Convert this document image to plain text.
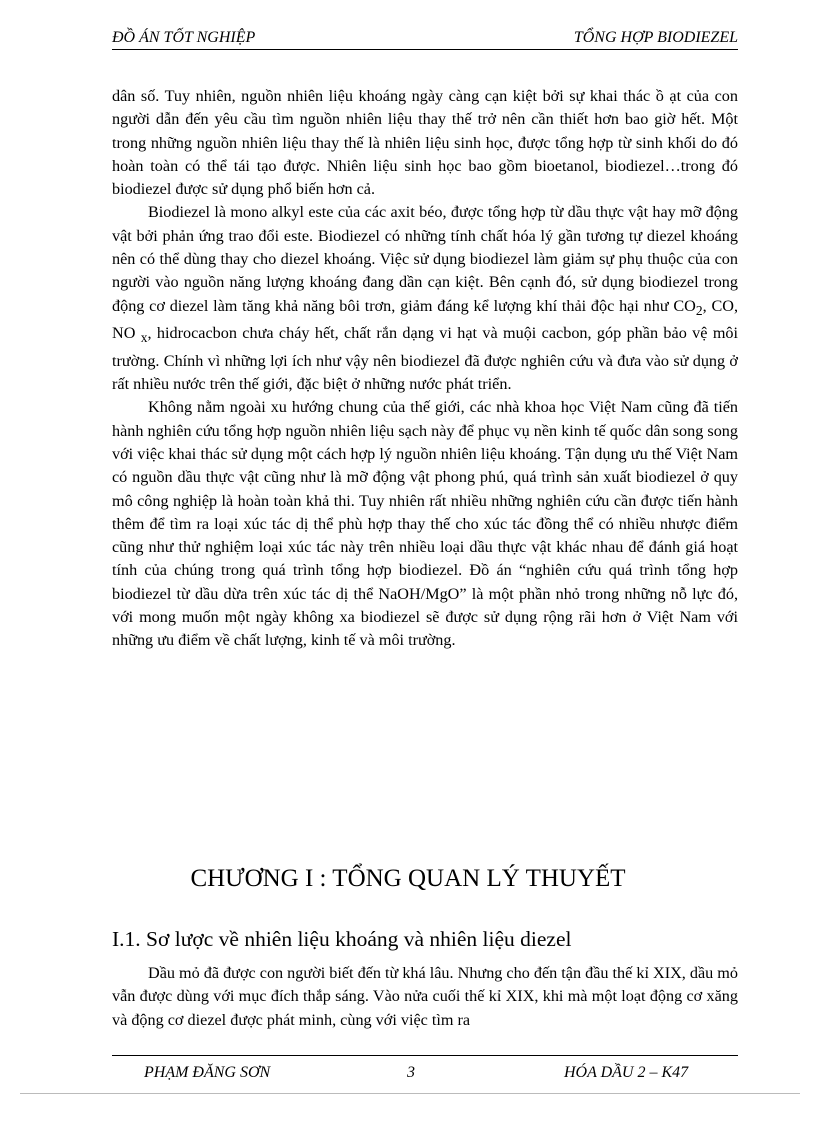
ĐỒ ÁN TỐT NGHIỆP	TỔNG HỢP BIODIEZEL

dân số. Tuy nhiên, nguồn nhiên liệu khoáng ngày càng cạn kiệt bởi sự khai thác ồ ạt của con người dẫn đến yêu cầu tìm nguồn nhiên liệu thay thế trở nên cần thiết hơn bao giờ hết. Một trong những nguồn nhiên liệu thay thế là nhiên liệu sinh học, được tổng hợp từ sinh khối do đó hoàn toàn có thể tái tạo được. Nhiên liệu sinh học bao gồm bioetanol, biodiezel…trong đó biodiezel được sử dụng phổ biến hơn cả.

Biodiezel là mono alkyl este của các axit béo, được tổng hợp từ dầu thực vật hay mỡ động vật bởi phản ứng trao đổi este. Biodiezel có những tính chất hóa lý gần tương tự diezel khoáng nên có thể dùng thay cho diezel khoáng. Việc sử dụng biodiezel làm giảm sự phụ thuộc của con người vào nguồn năng lượng khoáng đang dần cạn kiệt. Bên cạnh đó, sử dụng biodiezel trong động cơ diezel làm tăng khả năng bôi trơn, giảm đáng kể lượng khí thải độc hại như $CO_2$, CO, NO $_x$, hidrocacbon chưa cháy hết, chất rắn dạng vi hạt và muội cacbon, góp phần bảo vệ môi trường. Chính vì những lợi ích như vậy nên biodiezel đã được nghiên cứu và đưa vào sử dụng ở rất nhiều nước trên thế giới, đặc biệt ở những nước phát triển.

Không nằm ngoài xu hướng chung của thế giới, các nhà khoa học Việt Nam cũng đã tiến hành nghiên cứu tổng hợp nguồn nhiên liệu sạch này để phục vụ nền kinh tế quốc dân song song với việc khai thác sử dụng một cách hợp lý nguồn nhiên liệu khoáng. Tận dụng ưu thế Việt Nam có nguồn dầu thực vật cũng như là mỡ động vật phong phú, quá trình sản xuất biodiezel ở quy mô công nghiệp là hoàn toàn khả thi. Tuy nhiên rất nhiều những nghiên cứu cần được tiến hành thêm để tìm ra loại xúc tác dị thể phù hợp thay thế cho xúc tác đồng thể có nhiều nhược điểm cũng như thử nghiệm loại xúc tác này trên nhiều loại dầu thực vật khác nhau để đánh giá hoạt tính của chúng trong quá trình tổng hợp biodiezel. Đồ án “nghiên cứu quá trình tổng hợp biodiezel từ dầu dừa trên xúc tác dị thể NaOH/MgO” là một phần nhỏ trong những nỗ lực đó, với mong muốn một ngày không xa biodiezel sẽ được sử dụng rộng rãi hơn ở Việt Nam với những ưu điểm về chất lượng, kinh tế và môi trường.

CHƯƠNG I : TỔNG QUAN LÝ THUYẾT
I.1. Sơ lược về nhiên liệu khoáng và nhiên liệu diezel

Dầu mỏ đã được con người biết đến từ khá lâu. Nhưng cho đến tận đầu thế kỉ XIX, dầu mỏ vẫn được dùng với mục đích thắp sáng. Vào nửa cuối thế kỉ XIX, khi mà một loạt động cơ xăng và động cơ diezel được phát minh, cùng với việc tìm ra

PHẠM ĐĂNG SƠN	3	HÓA DẦU 2 – K47
